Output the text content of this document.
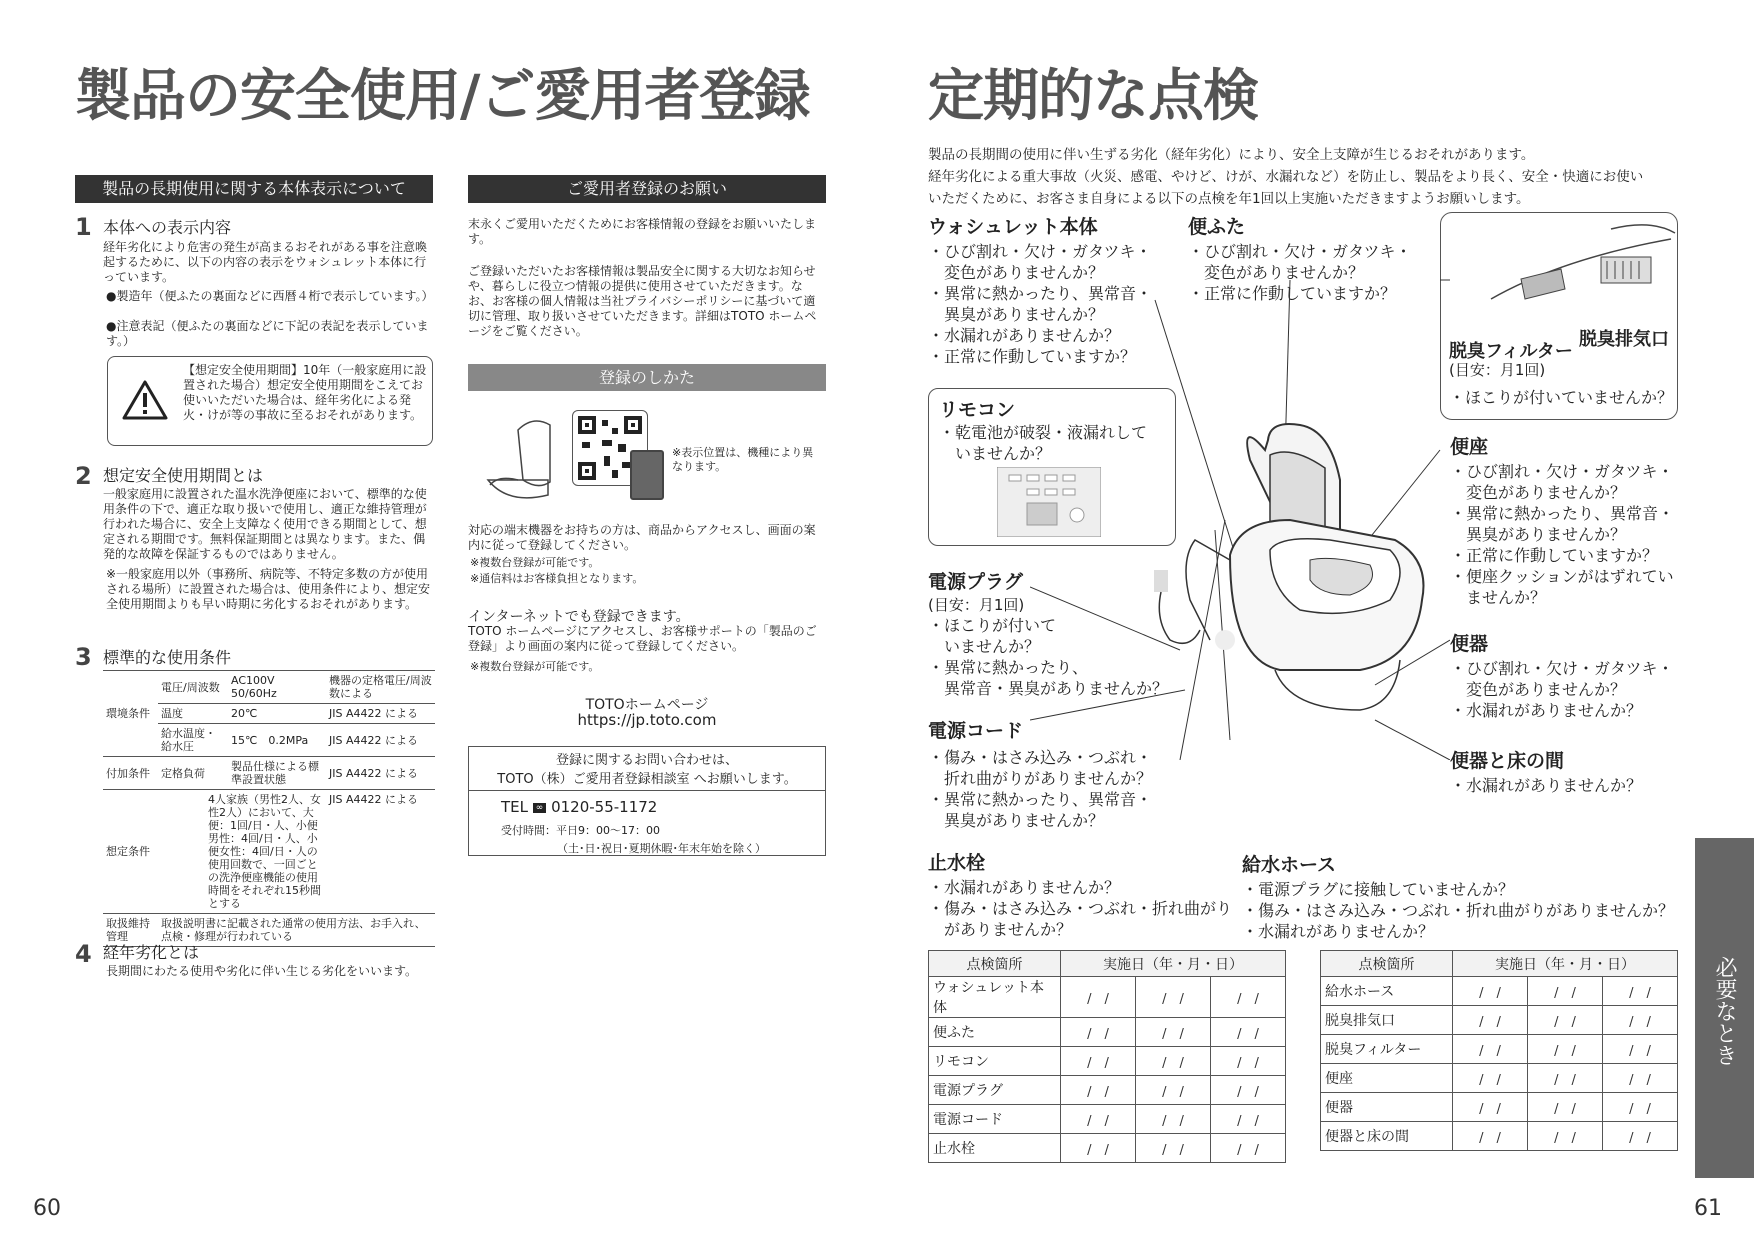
製品の安全使用/ご愛用者登録 定期的な点検
製品の長期使用に関する本体表示について
1 本体への表示内容
経年劣化により危害の発生が高まるおそれがある事を注意喚起するために、以下の内容の表示をウォシュレット本体に行っています。
●製造年（便ふたの裏面などに西暦４桁で表示しています。）
●注意表記（便ふたの裏面などに下記の表記を表示しています。）
【想定安全使用期間】10年（一般家庭用に設置された場合）想定安全使用期間をこえてお使いいただいた場合は、経年劣化による発火・けが等の事故に至るおそれがあります。
2 想定安全使用期間とは
一般家庭用に設置された温水洗浄便座において、標準的な使用条件の下で、適正な取り扱いで使用し、適正な維持管理が行われた場合に、安全上支障なく使用できる期間として、想定される期間です。無料保証期間とは異なります。また、偶発的な故障を保証するものではありません。
※一般家庭用以外（事務所、病院等、不特定多数の方が使用される場所）に設置された場合は、使用条件により、想定安全使用期間よりも早い時期に劣化するおそれがあります。
3 標準的な使用条件
環境条件	電圧/周波数	AC100V 50/60Hz	機器の定格電圧/周波数による
	温度	20℃	JIS A4422 による
	給水温度・給水圧	15℃　0.2MPa	JIS A4422 による
付加条件	定格負荷	製品仕様による標準設置状態	JIS A4422 による
想定条件	4人家族（男性2人、女性2人）において、大便：1回/日・人、小便男性：4回/日・人、小便女性：4回/日・人の使用回数で、一回ごとの洗浄便座機能の使用時間をそれぞれ15秒間とする		JIS A4422 による
取扱維持管理	取扱説明書に記載された通常の使用方法、お手入れ、点検・修理が行われている		
4 経年劣化とは
長期間にわたる使用や劣化に伴い生じる劣化をいいます。
ご愛用者登録のお願い
末永くご愛用いただくためにお客様情報の登録をお願いいたします。
ご登録いただいたお客様情報は製品安全に関する大切なお知らせや、暮らしに役立つ情報の提供に使用させていただきます。なお、お客様の個人情報は当社プライバシーポリシーに基づいて適切に管理、取り扱いさせていただきます。詳細はTOTO ホームページをご覧ください。
登録のしかた
※表示位置は、機種により異なります。
対応の端末機器をお持ちの方は、商品からアクセスし、画面の案内に従って登録してください。
※複数台登録が可能です。
※通信料はお客様負担となります。
インターネットでも登録できます。
TOTO ホームページにアクセスし、お客様サポートの「製品のご登録」より画面の案内に従って登録してください。
※複数台登録が可能です。
TOTOホームページ
https://jp.toto.com
登録に関するお問い合わせは、
TOTO（株）ご愛用者登録相談室 へお願いします。
TEL ∞ 0120-55-1172
受付時間：平日9：00～17：00
（土･日･祝日･夏期休暇･年末年始を除く）
製品の長期間の使用に伴い生ずる劣化（経年劣化）により、安全上支障が生じるおそれがあります。
経年劣化による重大事故（火災、感電、やけど、けが、水漏れなど）を防止し、製品をより長く、安全・快適にお使い
いただくために、お客さま自身による以下の点検を年1回以上実施いただきますようお願いします。
ウォシュレット本体
・ひび割れ・欠け・ガタツキ・
　変色がありませんか？
・異常に熱かったり、異常音・
　異臭がありませんか？
・水漏れがありませんか？
・正常に作動していますか？
便ふた
・ひび割れ・欠け・ガタツキ・
　変色がありませんか？
・正常に作動していますか？
リモコン
・乾電池が破裂・液漏れして
　いませんか？
電源プラグ
(目安：月1回)
・ほこりが付いて
　いませんか？
・異常に熱かったり、
　異常音・異臭がありませんか？
電源コード
・傷み・はさみ込み・つぶれ・
　折れ曲がりがありませんか？
・異常に熱かったり、異常音・
　異臭がありませんか？
止水栓
・水漏れがありませんか？
・傷み・はさみ込み・つぶれ・折れ曲がり
　がありませんか？
給水ホース
・電源プラグに接触していませんか？
・傷み・はさみ込み・つぶれ・折れ曲がりがありませんか？
・水漏れがありませんか？
脱臭フィルター
脱臭排気口
(目安：月1回)
・ほこりが付いていませんか？
便座
・ひび割れ・欠け・ガタツキ・
　変色がありませんか？
・異常に熱かったり、異常音・
　異臭がありませんか？
・正常に作動していますか？
・便座クッションがはずれてい
　ませんか？
便器
・ひび割れ・欠け・ガタツキ・
　変色がありませんか？
・水漏れがありませんか？
便器と床の間
・水漏れがありませんか？
点検箇所	実施日（年・月・日）		
ウォシュレット本体	/　/	/　/	/　/
便ふた	/　/	/　/	/　/
リモコン	/　/	/　/	/　/
電源プラグ	/　/	/　/	/　/
電源コード	/　/	/　/	/　/
止水栓	/　/	/　/	/　/
点検箇所	実施日（年・月・日）		
給水ホース	/　/	/　/	/　/
脱臭排気口	/　/	/　/	/　/
脱臭フィルター	/　/	/　/	/　/
便座	/　/	/　/	/　/
便器	/　/	/　/	/　/
便器と床の間	/　/	/　/	/　/
必要なとき
60	61
